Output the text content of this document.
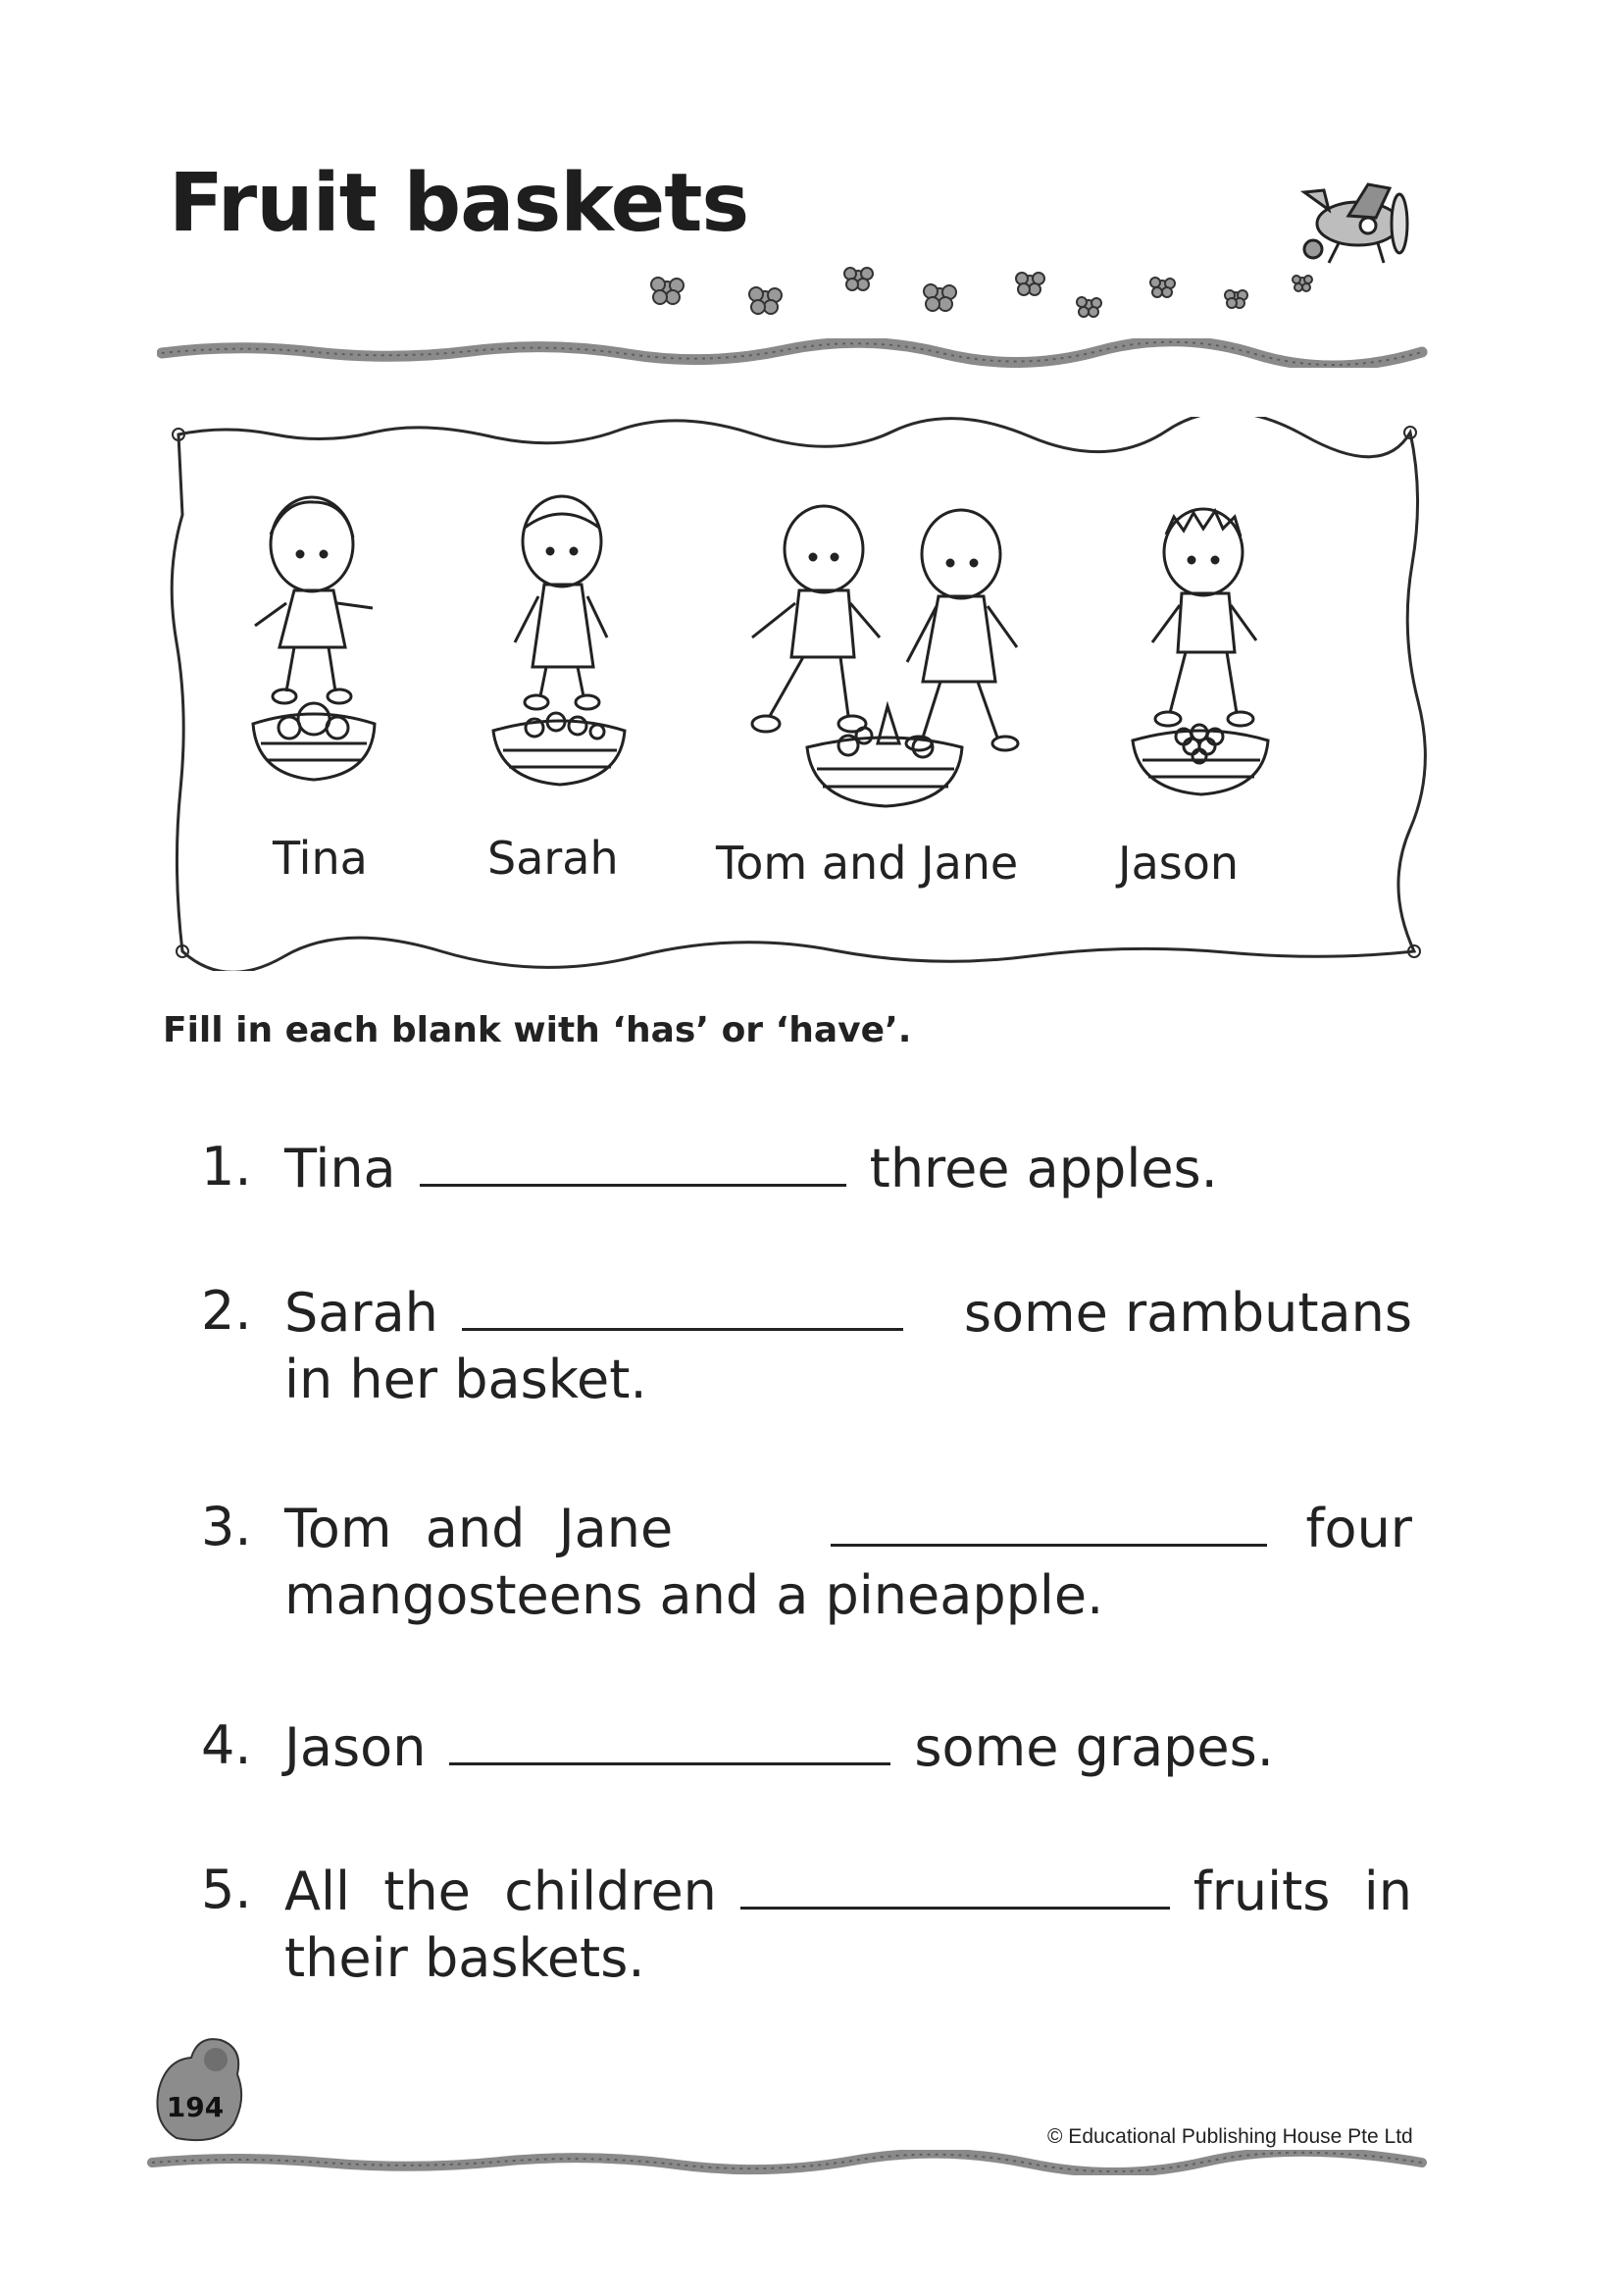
Fruit baskets
Tina	Sarah Tom and Jane Jason

Fill in each blank with ‘has’ or ‘have’.

1. Tina	three apples.
2. Sarah	some rambutans
in her basket.
3. Tom  and  Jane	four
mangosteens and a pineapple.
4. Jason	some grapes.
5. All  the  children	fruits  in
their baskets.
194
© Educational Publishing House Pte Ltd
